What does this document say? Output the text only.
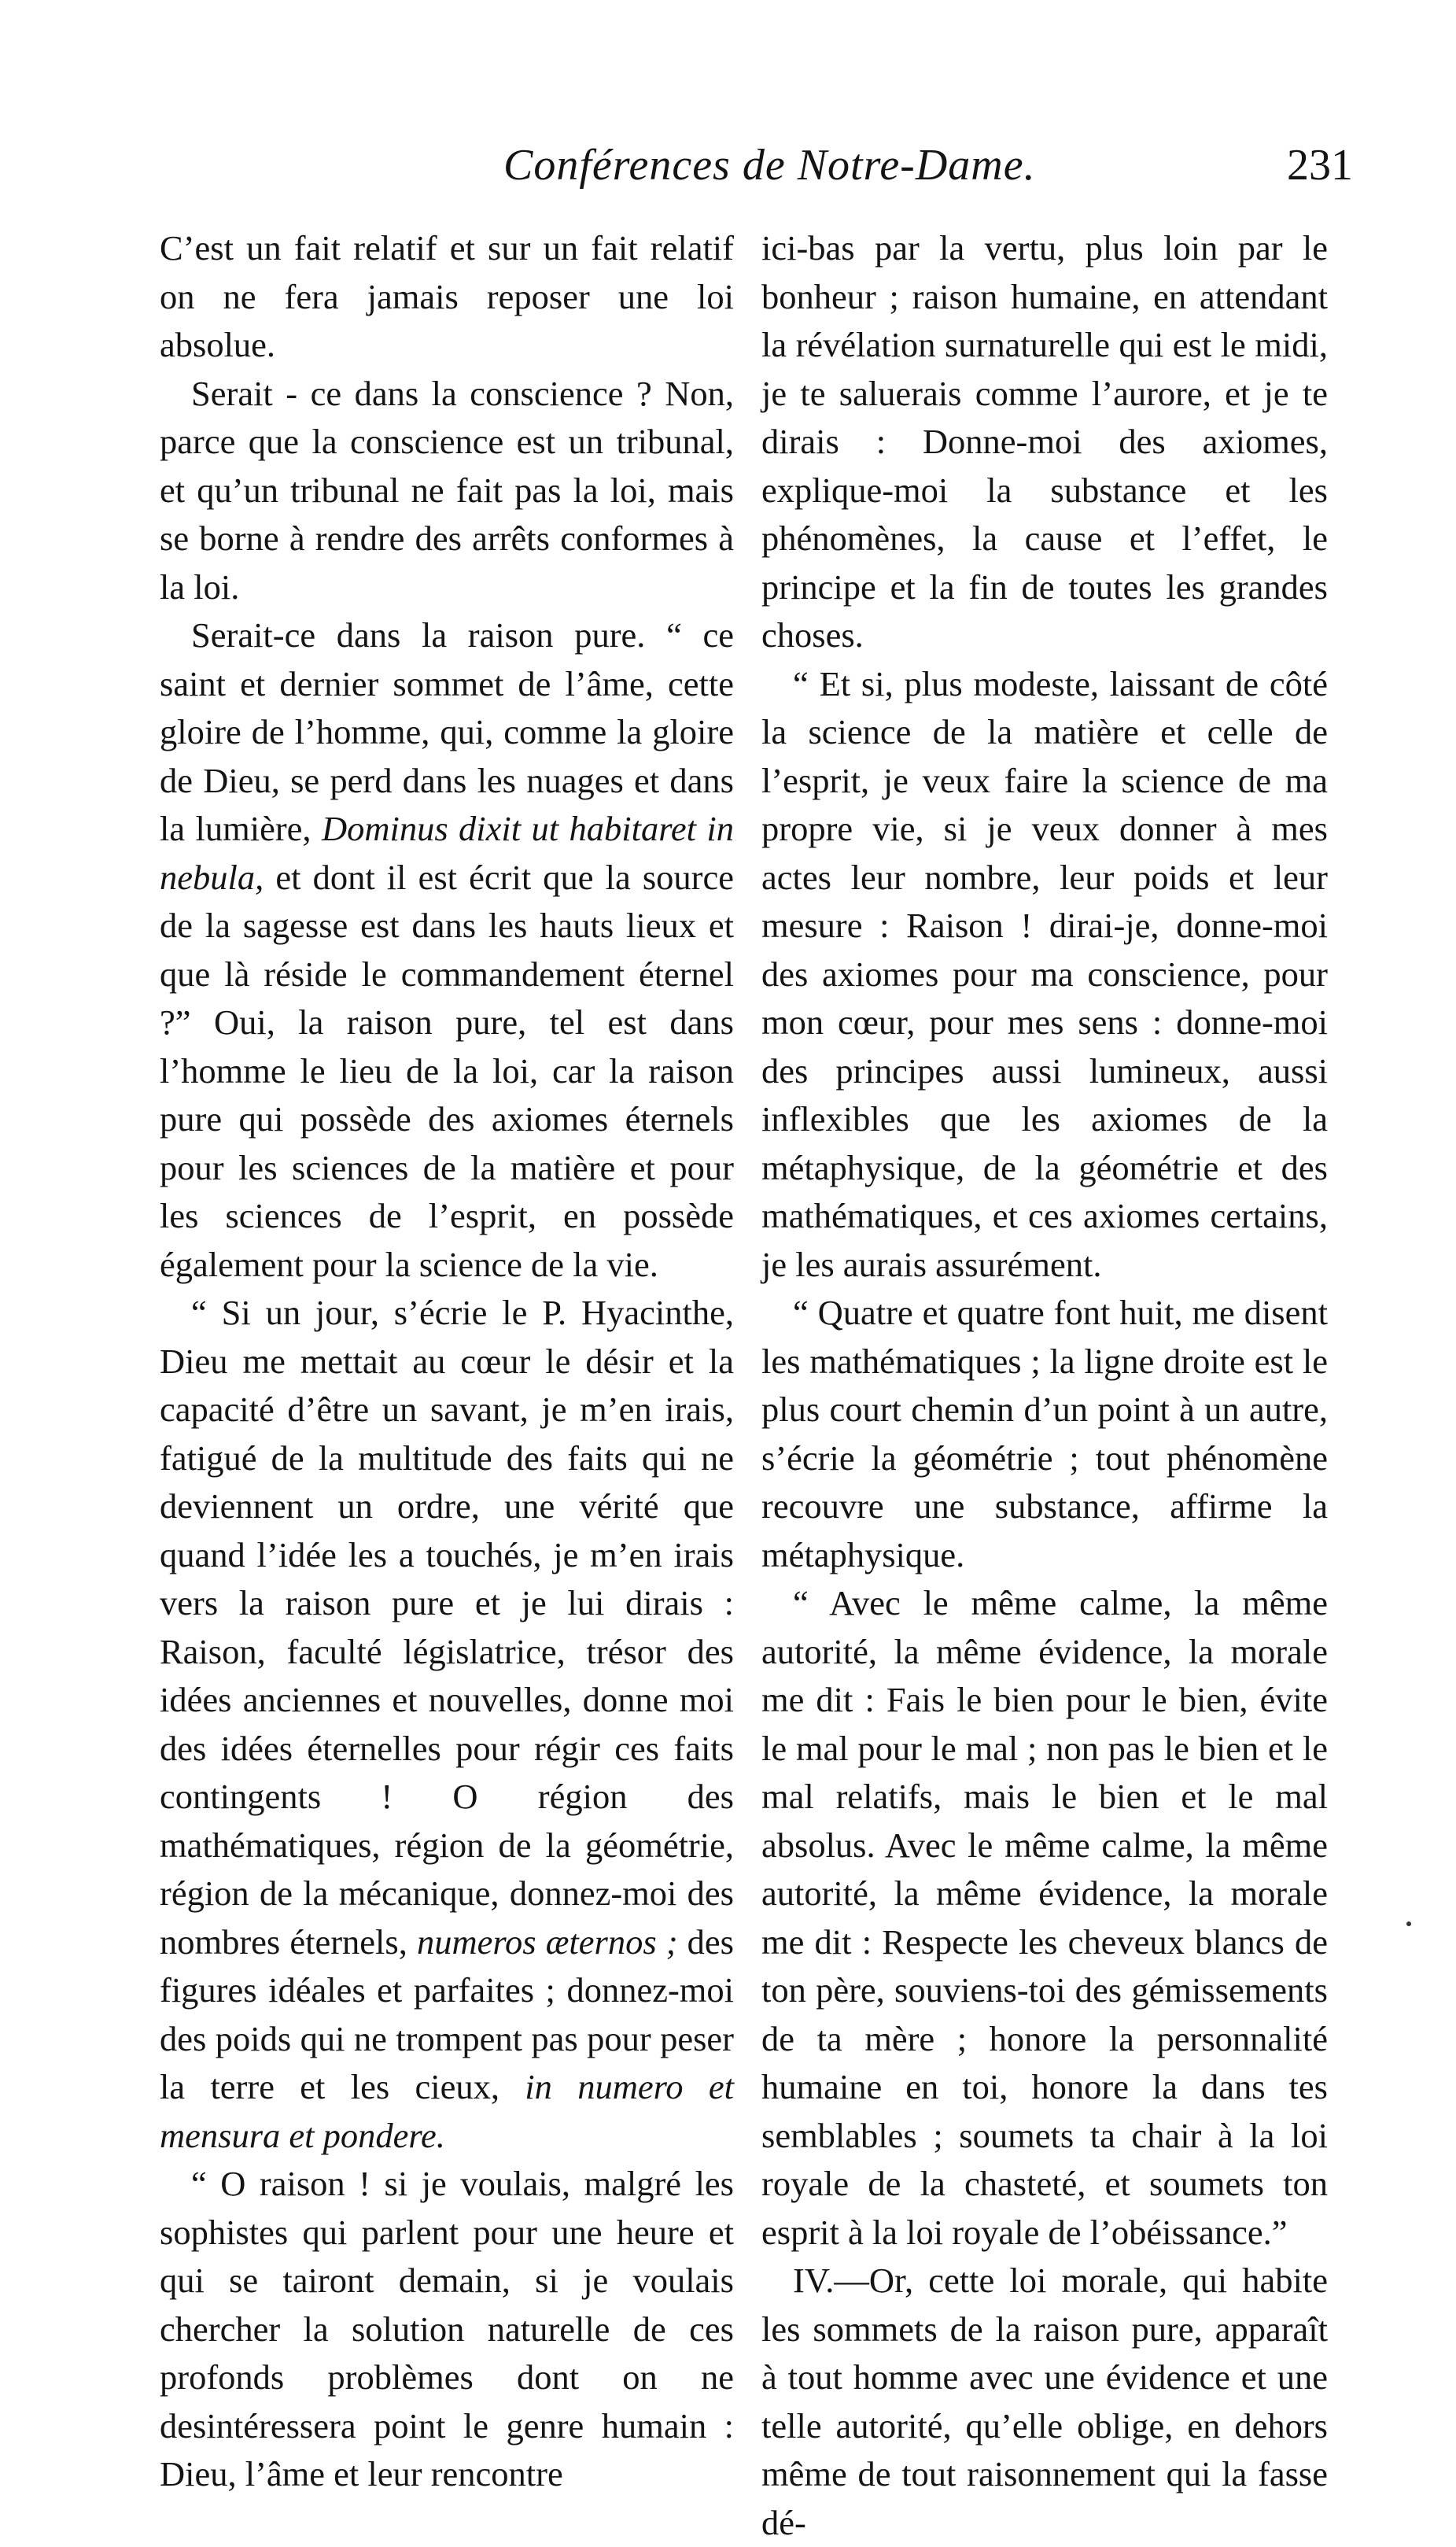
Conférences de Notre-Dame.	231

C’est un fait relatif et sur un fait relatif on ne fera jamais reposer une loi absolue.

Serait - ce dans la conscience ? Non, parce que la conscience est un tribunal, et qu’un tribunal ne fait pas la loi, mais se borne à rendre des arrêts conformes à la loi.

Serait-ce dans la raison pure. “ ce saint et dernier sommet de l’âme, cette gloire de l’homme, qui, comme la gloire de Dieu, se perd dans les nuages et dans la lumière, Dominus dixit ut habitaret in nebula, et dont il est écrit que la source de la sagesse est dans les hauts lieux et que là réside le commandement éternel ?” Oui, la raison pure, tel est dans l’homme le lieu de la loi, car la raison pure qui possède des axiomes éternels pour les sciences de la matière et pour les sciences de l’esprit, en possède également pour la science de la vie.

“ Si un jour, s’écrie le P. Hyacinthe, Dieu me mettait au cœur le désir et la capacité d’être un savant, je m’en irais, fatigué de la multitude des faits qui ne deviennent un ordre, une vérité que quand l’idée les a touchés, je m’en irais vers la raison pure et je lui dirais : Raison, faculté législatrice, trésor des idées anciennes et nouvelles, donne moi des idées éternelles pour régir ces faits contingents ! O région des mathématiques, région de la géométrie, région de la mécanique, donnez-moi des nombres éternels, numeros æternos ; des figures idéales et parfaites ; donnez-moi des poids qui ne trompent pas pour peser la terre et les cieux, in numero et mensura et pondere.

“ O raison ! si je voulais, malgré les sophistes qui parlent pour une heure et qui se tairont demain, si je voulais chercher la solution naturelle de ces profonds problèmes dont on ne desintéressera point le genre humain : Dieu, l’âme et leur rencontre

ici-bas par la vertu, plus loin par le bonheur ; raison humaine, en attendant la révélation surnaturelle qui est le midi, je te saluerais comme l’aurore, et je te dirais : Donne-moi des axiomes, explique-moi la substance et les phénomènes, la cause et l’effet, le principe et la fin de toutes les grandes choses.

“ Et si, plus modeste, laissant de côté la science de la matière et celle de l’esprit, je veux faire la science de ma propre vie, si je veux donner à mes actes leur nombre, leur poids et leur mesure : Raison ! dirai-je, donne-moi des axiomes pour ma conscience, pour mon cœur, pour mes sens : donne-moi des principes aussi lumineux, aussi inflexibles que les axiomes de la métaphysique, de la géométrie et des mathématiques, et ces axiomes certains, je les aurais assurément.

“ Quatre et quatre font huit, me disent les mathématiques ; la ligne droite est le plus court chemin d’un point à un autre, s’écrie la géométrie ; tout phénomène recouvre une substance, affirme la métaphysique.

“ Avec le même calme, la même autorité, la même évidence, la morale me dit : Fais le bien pour le bien, évite le mal pour le mal ; non pas le bien et le mal relatifs, mais le bien et le mal absolus. Avec le même calme, la même autorité, la même évidence, la morale me dit : Respecte les cheveux blancs de ton père, souviens-toi des gémissements de ta mère ; honore la personnalité humaine en toi, honore la dans tes semblables ; soumets ta chair à la loi royale de la chasteté, et soumets ton esprit à la loi royale de l’obéissance.”

IV.—Or, cette loi morale, qui habite les sommets de la raison pure, apparaît à tout homme avec une évidence et une telle autorité, qu’elle oblige, en dehors même de tout raisonnement qui la fasse dé-
